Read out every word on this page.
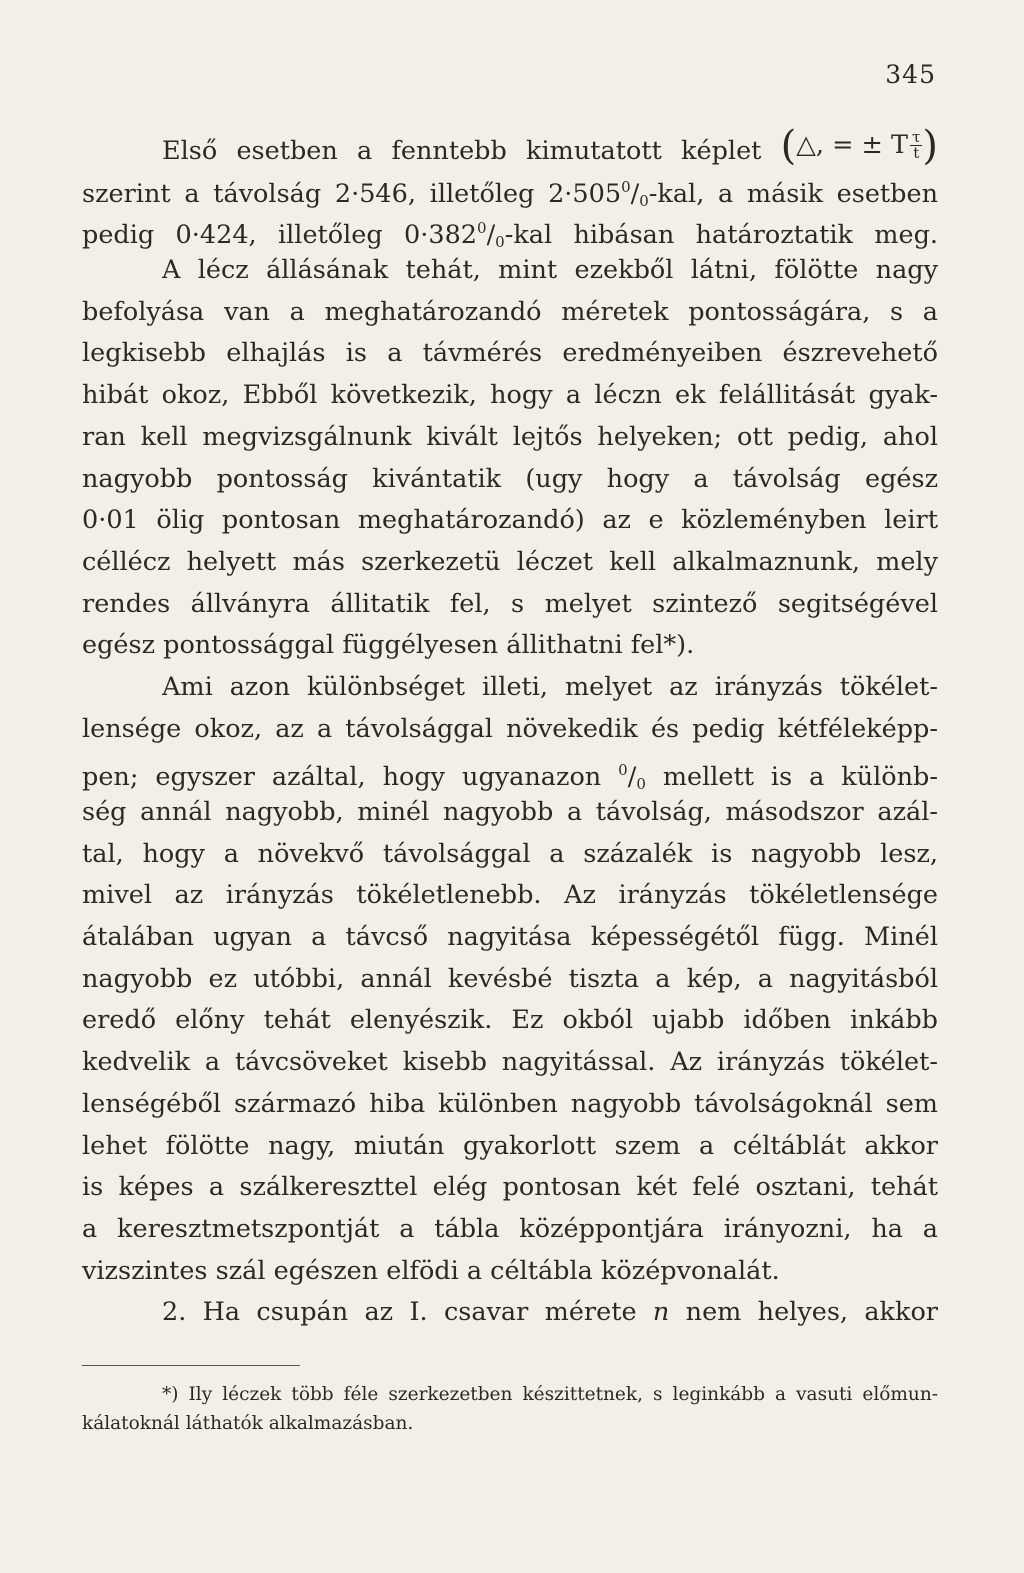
345
Első esetben a fenntebb kimutatott képlet ( △ , = ±
T $\frac{\tau}{t}$ )
szerint a távolság 2·546, illetőleg $2\cdot 505^0/_0$-kal, a másik esetben
pedig 0·424, illetőleg $0\cdot 382^0/_0$-kal hibásan határoztatik meg.
A lécz állásának tehát, mint ezekből látni, fölötte nagy
befolyása van a meghatározandó méretek pontosságára, s a
legkisebb elhajlás is a távmérés eredményeiben észrevehető
hibát okoz, Ebből következik, hogy a léczn ek felállitását gyak-
ran kell megvizsgálnunk kivált lejtős helyeken; ott pedig, ahol
nagyobb pontosság kivántatik (ugy hogy a távolság egész
0·01 ölig pontosan meghatározandó) az e közleményben leirt
céllécz helyett más szerkezetü léczet kell alkalmaznunk, mely
rendes állványra állitatik fel, s melyet szintező segitségével
egész pontossággal függélyesen állithatni fel*).
Ami azon különbséget illeti, melyet az irányzás tökélet-
lensége okoz, az a távolsággal növekedik és pedig kétféleképp-
pen; egyszer azáltal, hogy ugyanazon $^0/_0$ mellett is a különb-
ség annál nagyobb, minél nagyobb a távolság, másodszor azál-
tal, hogy a növekvő távolsággal a százalék is nagyobb lesz,
mivel az irányzás tökéletlenebb. Az irányzás tökéletlensége
átalában ugyan a távcső nagyitása képességétől függ. Minél
nagyobb ez utóbbi, annál kevésbé tiszta a kép, a nagyitásból
eredő előny tehát elenyészik. Ez okból ujabb időben inkább
kedvelik a távcsöveket kisebb nagyitással. Az irányzás tökélet-
lenségéből származó hiba különben nagyobb távolságoknál sem
lehet fölötte nagy, miután gyakorlott szem a céltáblát akkor
is képes a szálkereszttel elég pontosan két felé osztani, tehát
a keresztmetszpontját a tábla középpontjára irányozni, ha a
vizszintes szál egészen elfödi a céltábla középvonalát.
2. Ha csupán az I. csavar mérete n nem helyes, akkor
*) Ily léczek több féle szerkezetben készittetnek, s leginkább a vasuti előmun-
kálatoknál láthatók alkalmazásban.
